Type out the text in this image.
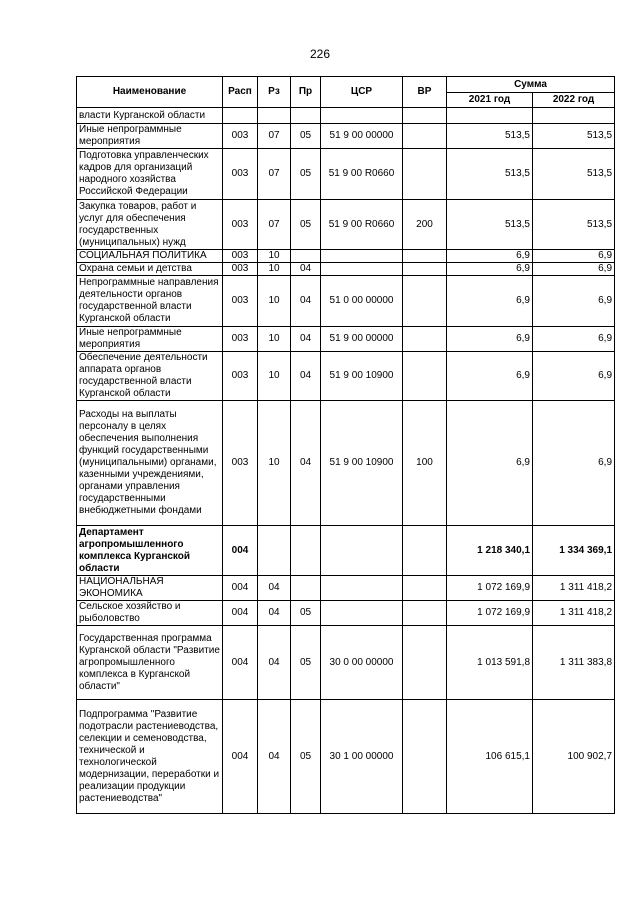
226
Наименование	Расп	Рз	Пр	ЦСР	ВР	Сумма	
						2021 год	2022 год
власти Курганской области							
Иные непрограммные мероприятия	003	07	05	51 9 00 00000		513,5	513,5
Подготовка управленческих кадров для организаций народного хозяйства Российской Федерации	003	07	05	51 9 00 R0660		513,5	513,5
Закупка товаров, работ и услуг для обеспечения государственных (муниципальных) нужд	003	07	05	51 9 00 R0660	200	513,5	513,5
СОЦИАЛЬНАЯ ПОЛИТИКА	003	10				6,9	6,9
Охрана семьи и детства	003	10	04			6,9	6,9
Непрограммные направления деятельности органов государственной власти Курганской области	003	10	04	51 0 00 00000		6,9	6,9
Иные непрограммные мероприятия	003	10	04	51 9 00 00000		6,9	6,9
Обеспечение деятельности аппарата органов государственной власти Курганской области	003	10	04	51 9 00 10900		6,9	6,9
Расходы на выплаты персоналу в целях обеспечения выполнения функций государственными (муниципальными) органами, казенными учреждениями, органами управления государственными внебюджетными фондами	003	10	04	51 9 00 10900	100	6,9	6,9
Департамент агропромышленного комплекса Курганской области	004					1 218 340,1	1 334 369,1
НАЦИОНАЛЬНАЯ ЭКОНОМИКА	004	04				1 072 169,9	1 311 418,2
Сельское хозяйство и рыболовство	004	04	05			1 072 169,9	1 311 418,2
Государственная программа Курганской области "Развитие агропромышленного комплекса в Курганской области"	004	04	05	30 0 00 00000		1 013 591,8	1 311 383,8
Подпрограмма "Развитие подотрасли растениеводства, селекции и семеноводства, технической и технологической модернизации, переработки и реализации продукции растениеводства"	004	04	05	30 1 00 00000		106 615,1	100 902,7
